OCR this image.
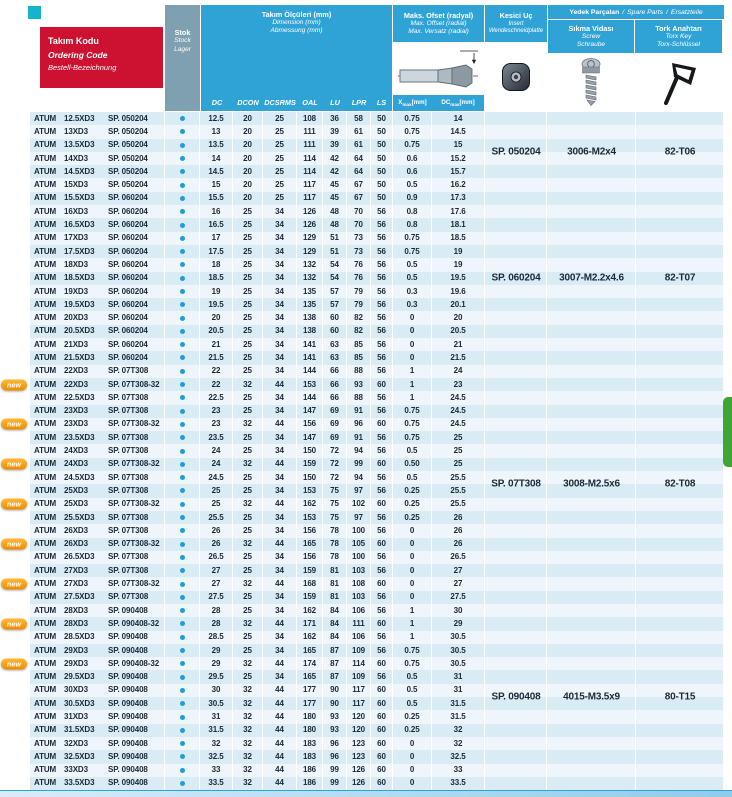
Takım Kodu
Ordering Code
Bestell-Bezeichnung
Stok
Stock
Lager
Takım Ölçüleri (mm)
Dimension (mm)
Abmessung (mm)
DC	DCON DCSRMS OAL	LU	LPR	LS
Maks. Ofset (radyal)
Max. Offset (radial)
Max. Versatz (radial)
$X_{max}[mm]$	$DC_{max}[mm]$
Kesici Uç
Insert
Wendeschneidplatte
Yedek Parçalan / Spare Parts / Ersatzteile
Sıkma Vidası
Screw
Schraube
Tork Anahtarı
Torx Key
Torx-Schlüssel
ATUM 12.5XD3	SP. 050204	12.5	20	25	108	36	58	50	0.75	14
ATUM 13XD3	SP. 050204	13	20	25	111	39	61	50	0.75	14.5
ATUM 13.5XD3	SP. 050204	13.5	20	25	111	39	61	50	0.75	15
ATUM 14XD3	SP. 050204	14	20	25	114	42	64	50	0.6	15.2
ATUM 14.5XD3	SP. 050204	14.5	20	25	114	42	64	50	0.6	15.7
ATUM 15XD3	SP. 050204	15	20	25	117	45	67	50	0.5	16.2
ATUM 15.5XD3	SP. 060204	15.5	20	25	117	45	67	50	0.9	17.3
ATUM 16XD3	SP. 060204	16	25	34	126	48	70	56	0.8	17.6
ATUM 16.5XD3	SP. 060204	16.5	25	34	126	48	70	56	0.8	18.1
ATUM 17XD3	SP. 060204	17	25	34	129	51	73	56	0.75	18.5
ATUM 17.5XD3	SP. 060204	17.5	25	34	129	51	73	56	0.75	19
ATUM 18XD3	SP. 060204	18	25	34	132	54	76	56	0.5	19
ATUM 18.5XD3	SP. 060204	18.5	25	34	132	54	76	56	0.5	19.5
ATUM 19XD3	SP. 060204	19	25	34	135	57	79	56	0.3	19.6
ATUM 19.5XD3	SP. 060204	19.5	25	34	135	57	79	56	0.3	20.1
ATUM 20XD3	SP. 060204	20	25	34	138	60	82	56	0	20
ATUM 20.5XD3	SP. 060204	20.5	25	34	138	60	82	56	0	20.5
ATUM 21XD3	SP. 060204	21	25	34	141	63	85	56	0	21
ATUM 21.5XD3	SP. 060204	21.5	25	34	141	63	85	56	0	21.5
ATUM 22XD3	SP. 07T308	22	25	34	144	66	88	56	1	24
new	ATUM 22XD3	SP. 07T308-32	22	32	44	153	66	93	60	1	23
ATUM 22.5XD3	SP. 07T308	22.5	25	34	144	66	88	56	1	24.5
ATUM 23XD3	SP. 07T308	23	25	34	147	69	91	56	0.75	24.5
new	ATUM 23XD3	SP. 07T308-32	23	32	44	156	69	96	60	0.75	24.5
ATUM 23.5XD3	SP. 07T308	23.5	25	34	147	69	91	56	0.75	25
ATUM 24XD3	SP. 07T308	24	25	34	150	72	94	56	0.5	25
new	ATUM 24XD3	SP. 07T308-32	24	32	44	159	72	99	60	0.50	25
ATUM 24.5XD3	SP. 07T308	24.5	25	34	150	72	94	56	0.5	25.5
ATUM 25XD3	SP. 07T308	25	25	34	153	75	97	56	0.25	25.5
new	ATUM 25XD3	SP. 07T308-32	25	32	44	162	75	102	60	0.25	25.5
ATUM 25.5XD3	SP. 07T308	25.5	25	34	153	75	97	56	0.25	26
ATUM 26XD3	SP. 07T308	26	25	34	156	78	100	56	0	26
new	ATUM 26XD3	SP. 07T308-32	26	32	44	165	78	105	60	0	26
ATUM 26.5XD3	SP. 07T308	26.5	25	34	156	78	100	56	0	26.5
ATUM 27XD3	SP. 07T308	27	25	34	159	81	103	56	0	27
new	ATUM 27XD3	SP. 07T308-32	27	32	44	168	81	108	60	0	27
ATUM 27.5XD3	SP. 07T308	27.5	25	34	159	81	103	56	0	27.5
ATUM 28XD3	SP. 090408	28	25	34	162	84	106	56	1	30
new	ATUM 28XD3	SP. 090408-32	28	32	44	171	84	111	60	1	29
ATUM 28.5XD3	SP. 090408	28.5	25	34	162	84	106	56	1	30.5
ATUM 29XD3	SP. 090408	29	25	34	165	87	109	56	0.75	30.5
new	ATUM 29XD3	SP. 090408-32	29	32	44	174	87	114	60	0.75	30.5
ATUM 29.5XD3	SP. 090408	29.5	25	34	165	87	109	56	0.5	31
ATUM 30XD3	SP. 090408	30	32	44	177	90	117	60	0.5	31
ATUM 30.5XD3	SP. 090408	30.5	32	44	177	90	117	60	0.5	31.5
ATUM 31XD3	SP. 090408	31	32	44	180	93	120	60	0.25	31.5
ATUM 31.5XD3	SP. 090408	31.5	32	44	180	93	120	60	0.25	32
ATUM 32XD3	SP. 090408	32	32	44	183	96	123	60	0	32
ATUM 32.5XD3	SP. 090408	32.5	32	44	183	96	123	60	0	32.5
ATUM 33XD3	SP. 090408	33	32	44	186	99	126	60	0	33
ATUM 33.5XD3	SP. 090408	33.5	32	44	186	99	126	60	0	33.5
SP. 050204	3006-M2x4	82-T06
SP. 060204	3007-M2.2x4.6	82-T07
SP. 07T308	3008-M2.5x6	82-T08
SP. 090408	4015-M3.5x9	80-T15
